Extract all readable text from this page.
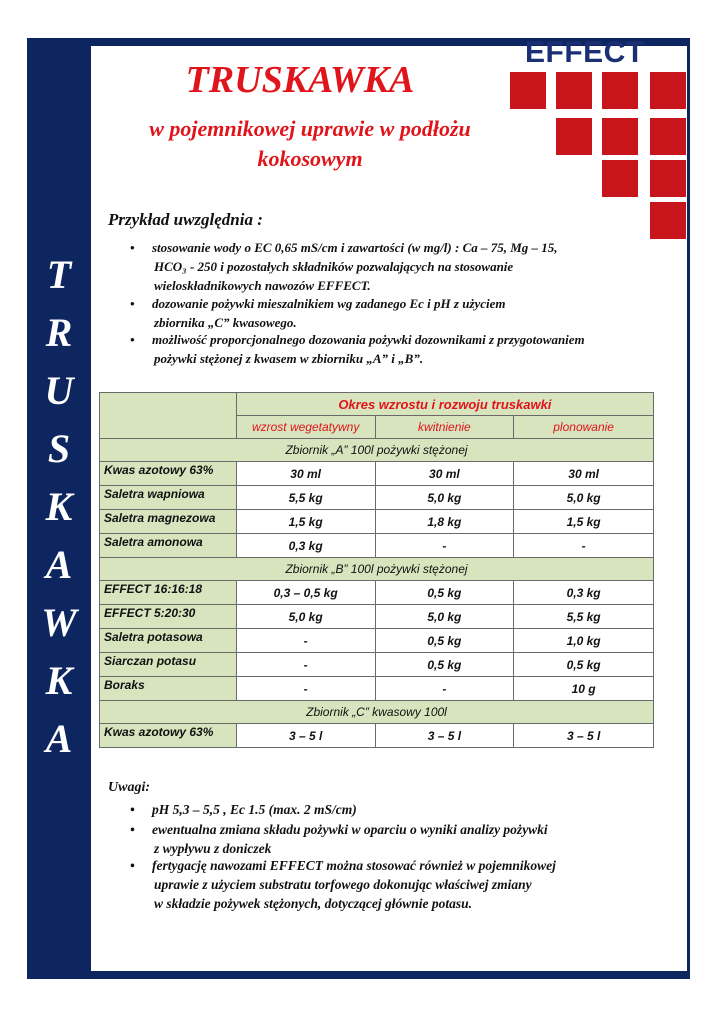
T
R
U
S
K
A
W
K
A
EFFECT
TRUSKAWKA
w pojemnikowej uprawie w podłożu
kokosowym
Przykład uwzględnia :
• stosowanie wody o EC 0,65 mS/cm i zawartości (w mg/l) : Ca – 75, Mg – 15,
HCO₃ - 250 i pozostałych składników pozwalających na stosowanie
wieloskładnikowych nawozów EFFECT.
• dozowanie pożywki mieszalnikiem wg zadanego Ec i pH z użyciem
zbiornika „C” kwasowego.
• możliwość proporcjonalnego dozowania pożywki dozownikami z przygotowaniem
pożywki stężonej z kwasem w zbiorniku „A” i „B”.
	Okres wzrostu i rozwoju truskawki		
	wzrost wegetatywny	kwitnienie	plonowanie
Zbiornik „A” 100l pożywki stężonej			
Kwas azotowy 63%	30 ml	30 ml	30 ml
Saletra wapniowa	5,5 kg	5,0 kg	5,0 kg
Saletra magnezowa	1,5 kg	1,8 kg	1,5 kg
Saletra amonowa	0,3 kg	-	-
Zbiornik „B” 100l pożywki stężonej			
EFFECT 16:16:18	0,3 – 0,5 kg	0,5 kg	0,3 kg
EFFECT 5:20:30	5,0 kg	5,0 kg	5,5 kg
Saletra potasowa	-	0,5 kg	1,0 kg
Siarczan potasu	-	0,5 kg	0,5 kg
Boraks	-	-	10 g
Zbiornik „C” kwasowy 100l			
Kwas azotowy 63%	3 – 5 l	3 – 5 l	3 – 5 l
Uwagi:
• pH 5,3 – 5,5 , Ec 1.5 (max. 2 mS/cm)
• ewentualna zmiana składu pożywki w oparciu o wyniki analizy pożywki
z wypływu z doniczek
• fertygację nawozami EFFECT można stosować również w pojemnikowej
uprawie z użyciem substratu torfowego dokonując właściwej zmiany
w składzie pożywek stężonych, dotyczącej głównie potasu.
